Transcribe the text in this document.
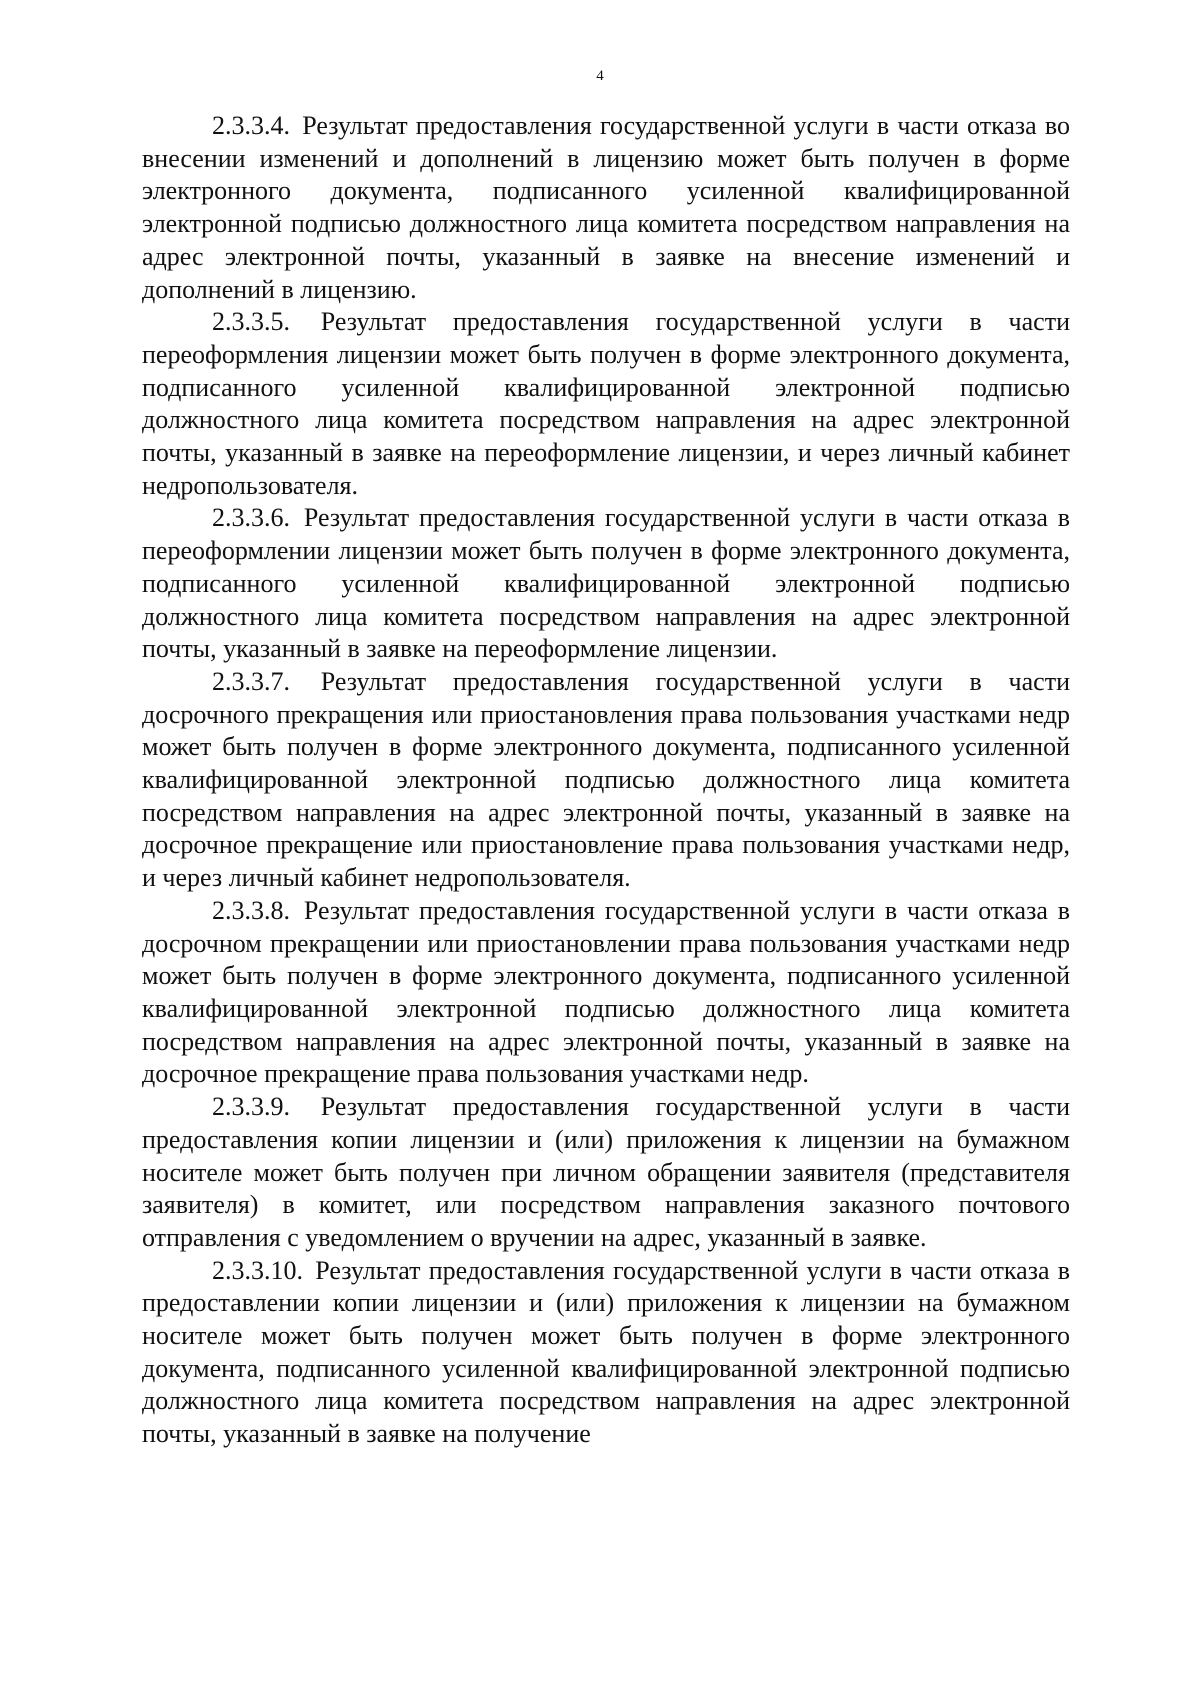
4

2.3.3.4. Результат предоставления государственной услуги в части отказа во внесении изменений и дополнений в лицензию может быть получен в форме электронного документа, подписанного усиленной квалифицированной электронной подписью должностного лица комитета посредством направления на адрес электронной почты, указанный в заявке на внесение изменений и дополнений в лицензию.

2.3.3.5. Результат предоставления государственной услуги в части переоформления лицензии может быть получен в форме электронного документа, подписанного усиленной квалифицированной электронной подписью должностного лица комитета посредством направления на адрес электронной почты, указанный в заявке на переоформление лицензии, и через личный кабинет недропользователя.

2.3.3.6. Результат предоставления государственной услуги в части отказа в переоформлении лицензии может быть получен в форме электронного документа, подписанного усиленной квалифицированной электронной подписью должностного лица комитета посредством направления на адрес электронной почты, указанный в заявке на переоформление лицензии.

2.3.3.7. Результат предоставления государственной услуги в части досрочного прекращения или приостановления права пользования участками недр может быть получен в форме электронного документа, подписанного усиленной квалифицированной электронной подписью должностного лица комитета посредством направления на адрес электронной почты, указанный в заявке на досрочное прекращение или приостановление права пользования участками недр, и через личный кабинет недропользователя.

2.3.3.8. Результат предоставления государственной услуги в части отказа в досрочном прекращении или приостановлении права пользования участками недр может быть получен в форме электронного документа, подписанного усиленной квалифицированной электронной подписью должностного лица комитета посредством направления на адрес электронной почты, указанный в заявке на досрочное прекращение права пользования участками недр.

2.3.3.9. Результат предоставления государственной услуги в части предоставления копии лицензии и (или) приложения к лицензии на бумажном носителе может быть получен при личном обращении заявителя (представителя заявителя) в комитет, или посредством направления заказного почтового отправления с уведомлением о вручении на адрес, указанный в заявке.

2.3.3.10. Результат предоставления государственной услуги в части отказа в предоставлении копии лицензии и (или) приложения к лицензии на бумажном носителе может быть получен может быть получен в форме электронного документа, подписанного усиленной квалифицированной электронной подписью должностного лица комитета посредством направления на адрес электронной почты, указанный в заявке на получение
